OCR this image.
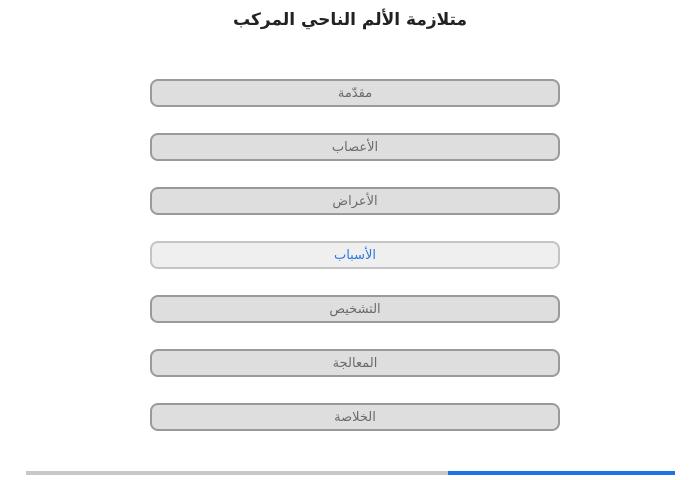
متلازمة الألم الناحي المركب
مقدّمة
الأعصاب
الأعراض
الأسباب
التشخيص
المعالجة
الخلاصة
